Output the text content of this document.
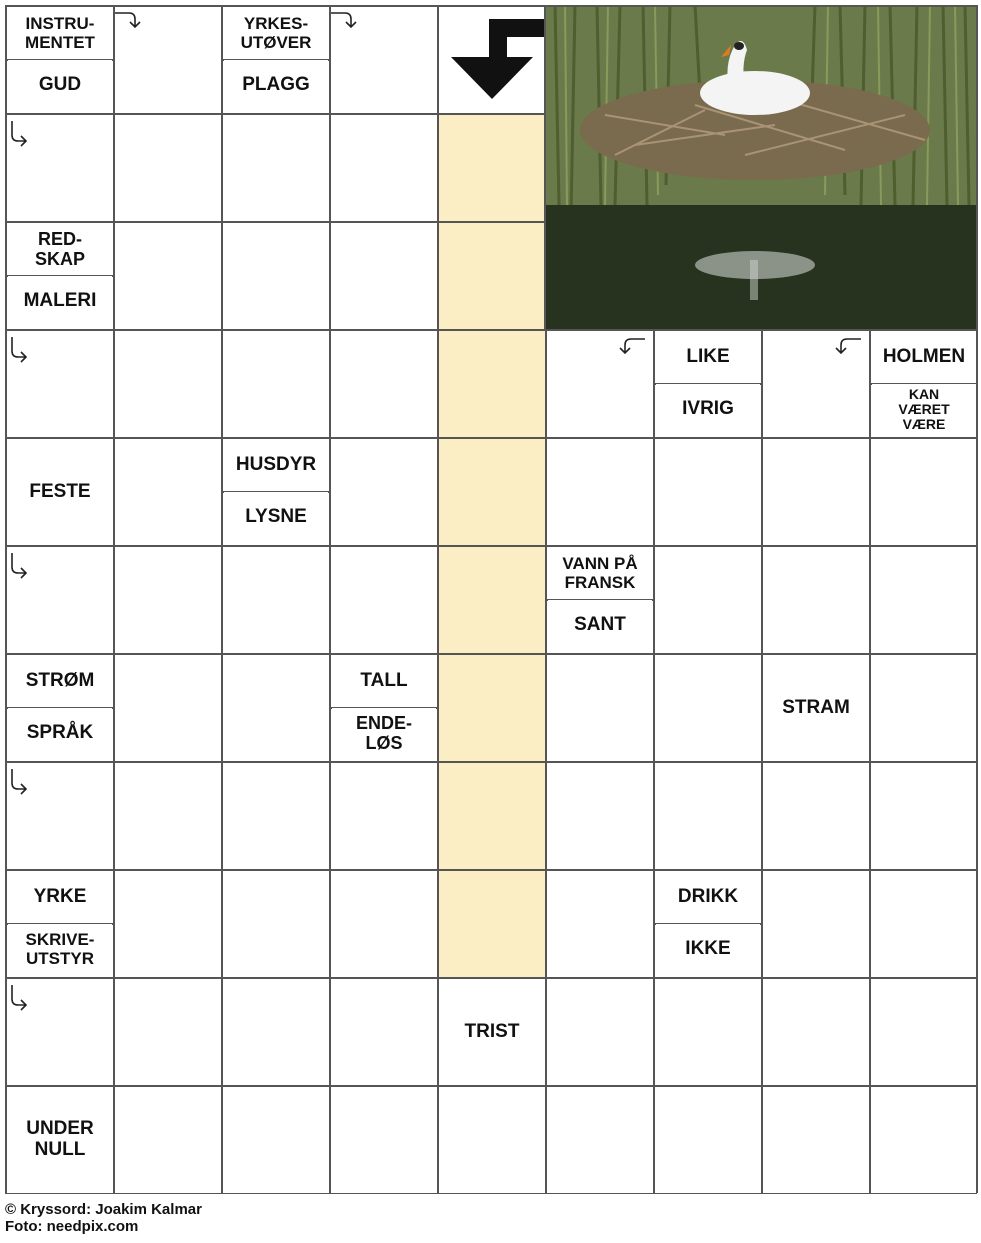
INSTRU-
MENTET
GUD
YRKES-
UTØVER
PLAGG
RED-
SKAP
MALERI
LIKE
IVRIG
HOLMEN
KAN
VÆRET
VÆRE
FESTE
HUSDYR
LYSNE
VANN PÅ
FRANSK
SANT
STRØM
SPRÅK
TALL
ENDE-
LØS
STRAM
YRKE
SKRIVE-
UTSTYR
DRIKK
IKKE
TRIST
UNDER
NULL
© Kryssord: Joakim Kalmar
Foto: needpix.com
